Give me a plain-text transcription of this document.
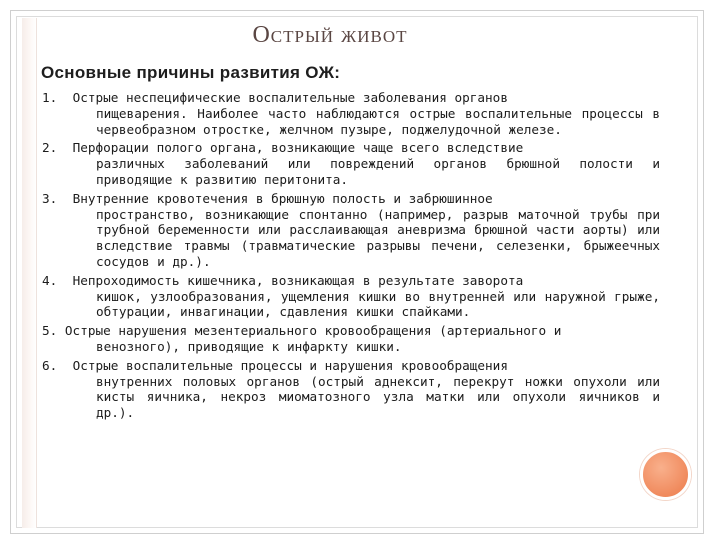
Острый живот
Основные причины развития ОЖ:
1. Острые неспецифические воспалительные заболевания органов
пищеварения. Наиболее часто наблюдаются острые воспалительные процессы в червеобразном отростке, желчном пузыре, поджелудочной железе.
2. Перфорации полого органа, возникающие чаще всего вследствие
различных заболеваний или повреждений органов брюшной полости и приводящие к развитию перитонита.
3. Внутренние кровотечения в брюшную полость и забрюшинное
пространство, возникающие спонтанно (например, разрыв маточной трубы при трубной беременности или расслаивающая аневризма брюшной части аорты) или вследствие травмы (травматические разрывы печени, селезенки, брыжеечных сосудов и др.).
4. Непроходимость кишечника, возникающая в результате заворота
кишок, узлообразования, ущемления кишки во внутренней или наружной грыже, обтурации, инвагинации, сдавления кишки спайками.
5. Острые нарушения мезентериального кровообращения (артериального и
венозного), приводящие к инфаркту кишки.
6. Острые воспалительные процессы и нарушения кровообращения
внутренних половых органов (острый аднексит, перекрут ножки опухоли или кисты яичника, некроз миоматозного узла матки или опухоли яичников и др.).
